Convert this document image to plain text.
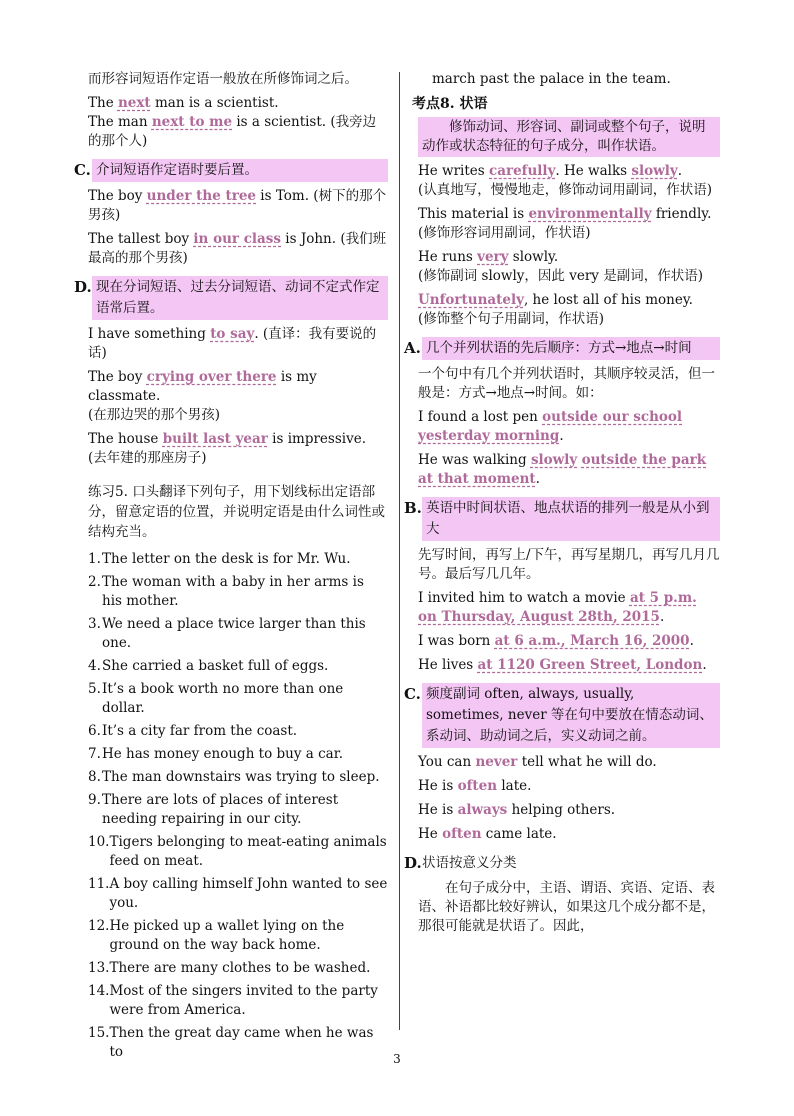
而形容词短语作定语一般放在所修饰词之后。

The next man is a scientist.

The man next to me is a scientist. (我旁边的那个人)

C. 介词短语作定语时要后置。

The boy under the tree is Tom. (树下的那个男孩)

The tallest boy in our class is John. (我们班最高的那个男孩)

D. 现在分词短语、过去分词短语、动词不定式作定语常后置。

I have something to say. (直译：我有要说的话)

The boy crying over there is my classmate.
(在那边哭的那个男孩)

The house built last year is impressive.
(去年建的那座房子)

练习5. 口头翻译下列句子，用下划线标出定语部分，留意定语的位置，并说明定语是由什么词性或结构充当。

1. The letter on the desk is for Mr. Wu.
2. The woman with a baby in her arms is his mother.
3. We need a place twice larger than this one.
4. She carried a basket full of eggs.
5. It’s a book worth no more than one dollar.
6. It’s a city far from the coast.
7. He has money enough to buy a car.
8. The man downstairs was trying to sleep.
9. There are lots of places of interest needing repairing in our city.
10. Tigers belonging to meat-eating animals feed on meat.
11. A boy calling himself John wanted to see you.
12. He picked up a wallet lying on the ground on the way back home.
13. There are many clothes to be washed.
14. Most of the singers invited to the party were from America.
15. Then the great day came when he was to

march past the palace in the team.

考点8. 状语

修饰动词、形容词、副词或整个句子，说明动作或状态特征的句子成分，叫作状语。

He writes carefully. He walks slowly.
(认真地写，慢慢地走，修饰动词用副词，作状语)

This material is environmentally friendly.
(修饰形容词用副词，作状语)

He runs very slowly.
(修饰副词 slowly，因此 very 是副词，作状语)

Unfortunately, he lost all of his money.
(修饰整个句子用副词，作状语)

A. 几个并列状语的先后顺序：方式→地点→时间

一个句中有几个并列状语时，其顺序较灵活，但一般是：方式→地点→时间。如：

I found a lost pen outside our school yesterday morning.

He was walking slowly outside the park at that moment.

B. 英语中时间状语、地点状语的排列一般是从小到大

先写时间，再写上/下午，再写星期几，再写几月几号。最后写几几年。

I invited him to watch a movie at 5 p.m. on Thursday, August 28th, 2015.

I was born at 6 a.m., March 16, 2000.

He lives at 1120 Green Street, London.

C. 频度副词 often, always, usually, sometimes, never 等在句中要放在情态动词、系动词、助动词之后，实义动词之前。

You can never tell what he will do.

He is often late.

He is always helping others.

He often came late.

D. 状语按意义分类

在句子成分中，主语、谓语、宾语、定语、表语、补语都比较好辨认，如果这几个成分都不是，那很可能就是状语了。因此，

3
